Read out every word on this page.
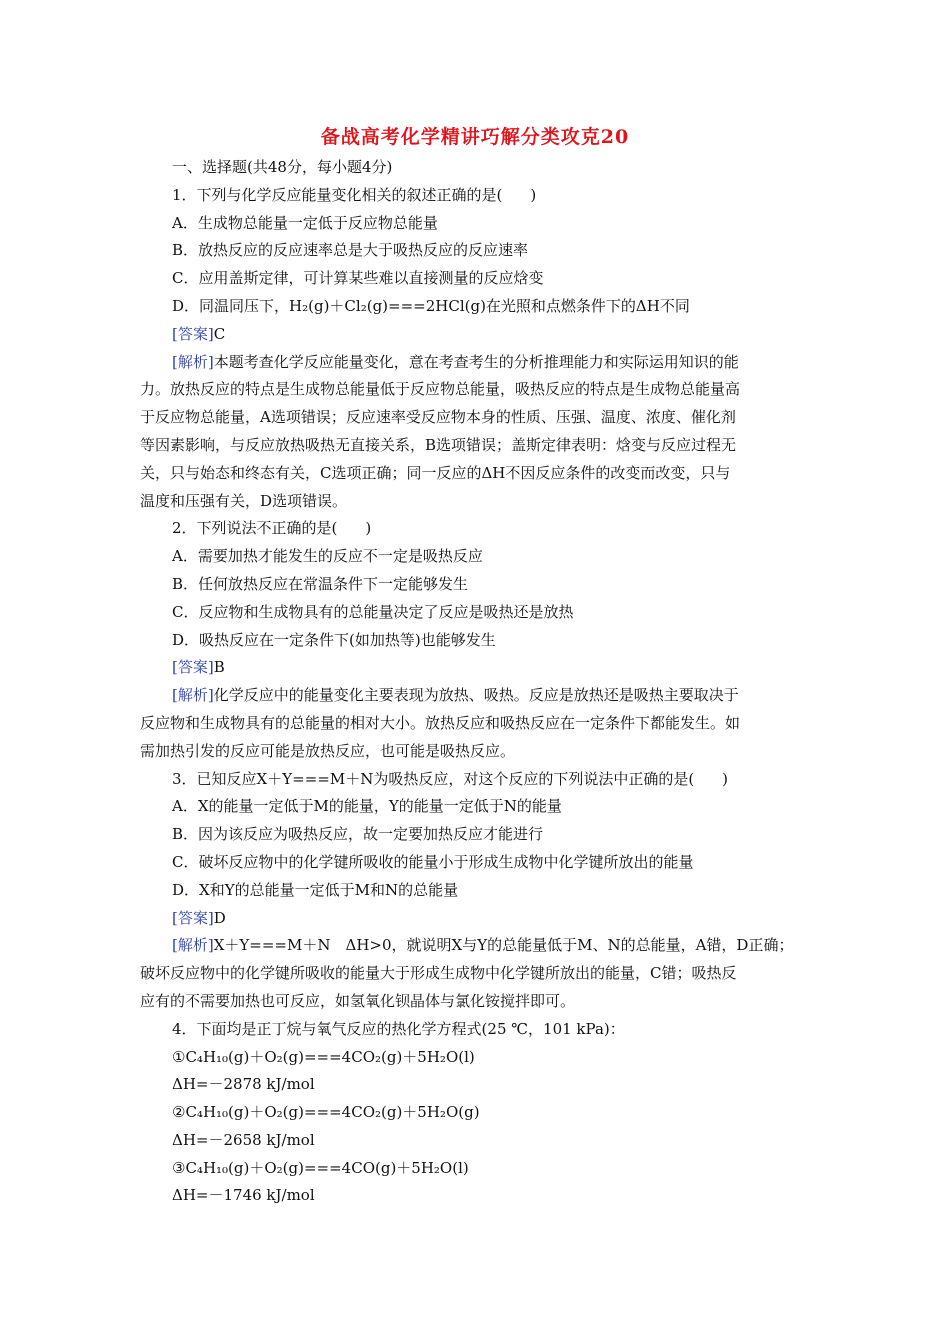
备战高考化学精讲巧解分类攻克20
一、选择题(共48分，每小题4分)
1．下列与化学反应能量变化相关的叙述正确的是( )
A．生成物总能量一定低于反应物总能量
B．放热反应的反应速率总是大于吸热反应的反应速率
C．应用盖斯定律，可计算某些难以直接测量的反应焓变
D．同温同压下，H₂(g)＋Cl₂(g)===2HCl(g)在光照和点燃条件下的ΔH不同
[答案]C
[解析]本题考查化学反应能量变化，意在考查考生的分析推理能力和实际运用知识的能
力。放热反应的特点是生成物总能量低于反应物总能量，吸热反应的特点是生成物总能量高
于反应物总能量，A选项错误；反应速率受反应物本身的性质、压强、温度、浓度、催化剂
等因素影响，与反应放热吸热无直接关系，B选项错误；盖斯定律表明：焓变与反应过程无
关，只与始态和终态有关，C选项正确；同一反应的ΔH不因反应条件的改变而改变，只与
温度和压强有关，D选项错误。
2．下列说法不正确的是( )
A．需要加热才能发生的反应不一定是吸热反应
B．任何放热反应在常温条件下一定能够发生
C．反应物和生成物具有的总能量决定了反应是吸热还是放热
D．吸热反应在一定条件下(如加热等)也能够发生
[答案]B
[解析]化学反应中的能量变化主要表现为放热、吸热。反应是放热还是吸热主要取决于
反应物和生成物具有的总能量的相对大小。放热反应和吸热反应在一定条件下都能发生。如
需加热引发的反应可能是放热反应，也可能是吸热反应。
3．已知反应X＋Y===M＋N为吸热反应，对这个反应的下列说法中正确的是( )
A．X的能量一定低于M的能量，Y的能量一定低于N的能量
B．因为该反应为吸热反应，故一定要加热反应才能进行
C．破坏反应物中的化学键所吸收的能量小于形成生成物中化学键所放出的能量
D．X和Y的总能量一定低于M和N的总能量
[答案]D
[解析]X＋Y===M＋N　ΔH>0，就说明X与Y的总能量低于M、N的总能量，A错，D正确；
破坏反应物中的化学键所吸收的能量大于形成生成物中化学键所放出的能量，C错；吸热反
应有的不需要加热也可反应，如氢氧化钡晶体与氯化铵搅拌即可。
4．下面均是正丁烷与氧气反应的热化学方程式(25 ℃，101 kPa)：
①C₄H₁₀(g)＋O₂(g)===4CO₂(g)＋5H₂O(l)
ΔH=－2878 kJ/mol
②C₄H₁₀(g)＋O₂(g)===4CO₂(g)＋5H₂O(g)
ΔH=－2658 kJ/mol
③C₄H₁₀(g)＋O₂(g)===4CO(g)＋5H₂O(l)
ΔH=－1746 kJ/mol
